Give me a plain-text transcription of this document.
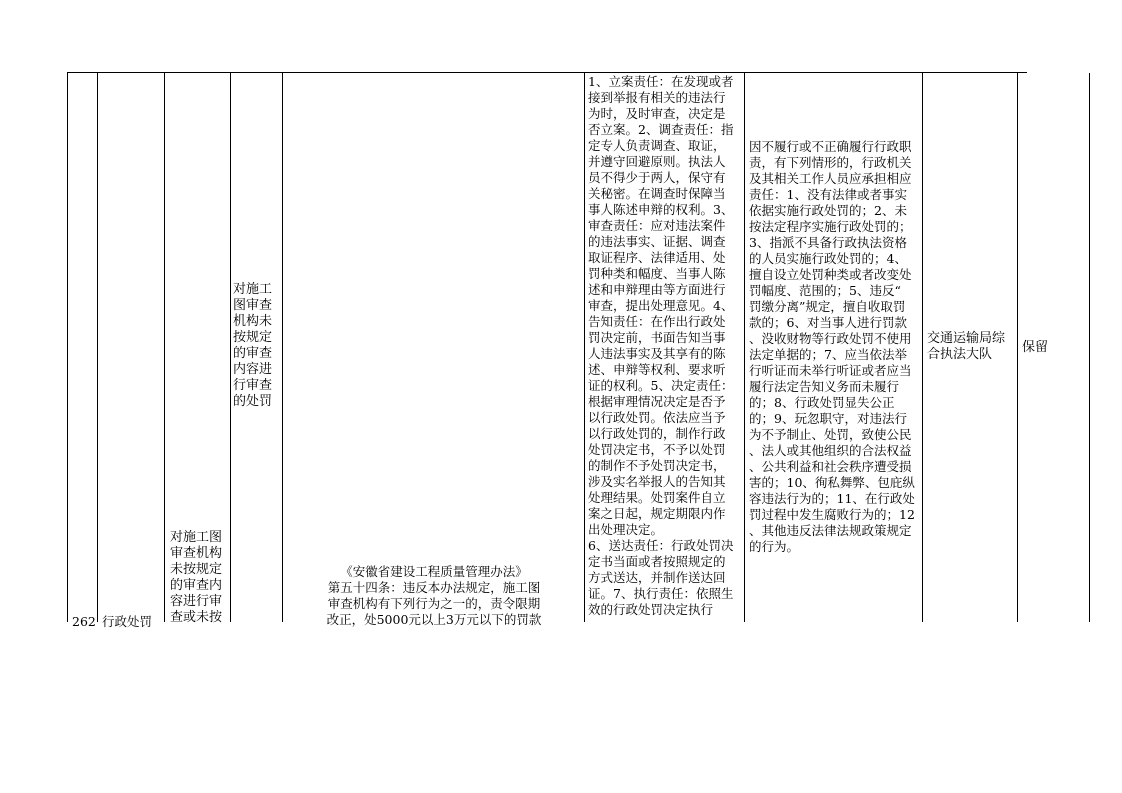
262 行政处罚
对施工图
审查机构
未按规定
的审查内
容进行审
查或未按
对施工
图审查
机构未
按规定
的审查
内容进
行审查
的处罚
《安徽省建设工程质量管理办法》
第五十四条：违反本办法规定，施工图
审查机构有下列行为之一的，责令限期
改正，处5000元以上3万元以下的罚款
1、立案责任：在发现或者
接到举报有相关的违法行
为时，及时审查，决定是
否立案。2、调查责任：指
定专人负责调查、取证，
并遵守回避原则。执法人
员不得少于两人，保守有
关秘密。在调查时保障当
事人陈述申辩的权利。3、
审查责任：应对违法案件
的违法事实、证据、调查
取证程序、法律适用、处
罚种类和幅度、当事人陈
述和申辩理由等方面进行
审查，提出处理意见。4、
告知责任：在作出行政处
罚决定前，书面告知当事
人违法事实及其享有的陈
述、申辩等权利、要求听
证的权利。5、决定责任：
根据审理情况决定是否予
以行政处罚。依法应当予
以行政处罚的，制作行政
处罚决定书，不予以处罚
的制作不予处罚决定书，
涉及实名举报人的告知其
处理结果。处罚案件自立
案之日起，规定期限内作
出处理决定。
6、送达责任：行政处罚决
定书当面或者按照规定的
方式送达，并制作送达回
证。7、执行责任：依照生
效的行政处罚决定执行
因不履行或不正确履行行政职
责，有下列情形的，行政机关
及其相关工作人员应承担相应
责任：1、没有法律或者事实
依据实施行政处罚的；2、未
按法定程序实施行政处罚的；
3、指派不具备行政执法资格
的人员实施行政处罚的；4、
擅自设立处罚种类或者改变处
罚幅度、范围的；5、违反“
罚缴分离”规定，擅自收取罚
款的；6、对当事人进行罚款
、没收财物等行政处罚不使用
法定单据的；7、应当依法举
行听证而未举行听证或者应当
履行法定告知义务而未履行
的；8、行政处罚显失公正
的；9、玩忽职守，对违法行
为不予制止、处罚，致使公民
、法人或其他组织的合法权益
、公共利益和社会秩序遭受损
害的；10、徇私舞弊、包庇纵
容违法行为的；11、在行政处
罚过程中发生腐败行为的；12
、其他违反法律法规政策规定
的行为。
交通运输局综
合执法大队	保留
